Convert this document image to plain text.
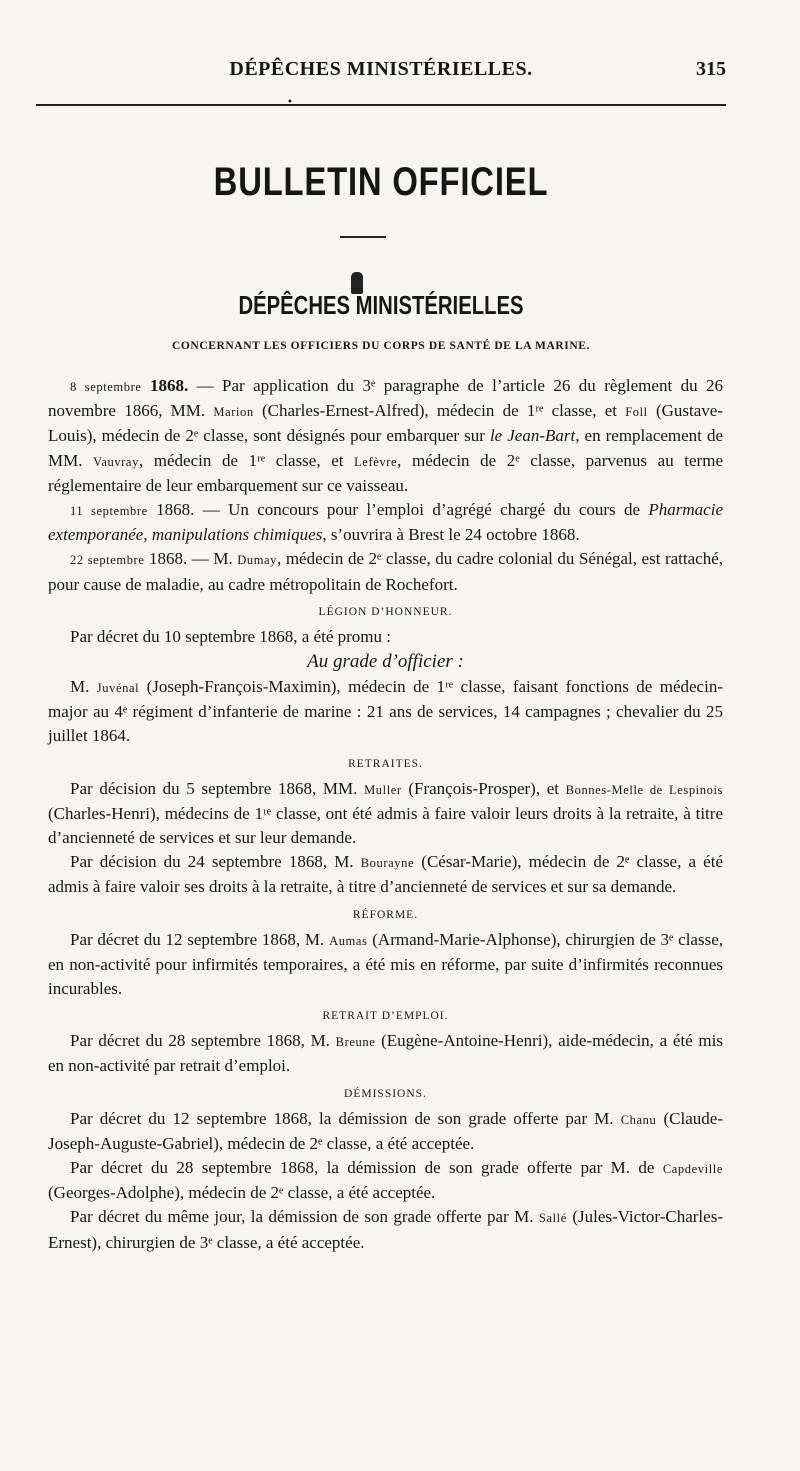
DÉPÊCHES MINISTÉRIELLES.	315
•
BULLETIN OFFICIEL
DÉPÊCHES MINISTÉRIELLES
CONCERNANT LES OFFICIERS DU CORPS DE SANTÉ DE LA MARINE.

8 septembre 1868. — Par application du 3ᵉ paragraphe de l’article 26 du règlement du 26 novembre 1866, MM. Marion (Charles-Ernest-Alfred), médecin de 1ʳᵉ classe, et Foll (Gustave-Louis), médecin de 2ᵉ classe, sont désignés pour embarquer sur le Jean-Bart, en remplacement de MM. Vauvray, médecin de 1ʳᵉ classe, et Lefèvre, médecin de 2ᵉ classe, parvenus au terme réglementaire de leur embarquement sur ce vaisseau.

11 septembre 1868. — Un concours pour l’emploi d’agrégé chargé du cours de Pharmacie extemporanée, manipulations chimiques, s’ouvrira à Brest le 24 octobre 1868.

22 septembre 1868. — M. Dumay, médecin de 2ᵉ classe, du cadre colonial du Sénégal, est rattaché, pour cause de maladie, au cadre métropolitain de Rochefort.

LÉGION D’HONNEUR.

Par décret du 10 septembre 1868, a été promu :

Au grade d’officier :

M. Juvénal (Joseph-François-Maximin), médecin de 1ʳᵉ classe, faisant fonctions de médecin-major au 4ᵉ régiment d’infanterie de marine : 21 ans de services, 14 campagnes ; chevalier du 25 juillet 1864.

RETRAITES.

Par décision du 5 septembre 1868, MM. Muller (François-Prosper), et Bonnes-Melle de Lespinois (Charles-Henri), médecins de 1ʳᵉ classe, ont été admis à faire valoir leurs droits à la retraite, à titre d’ancienneté de services et sur leur demande.

Par décision du 24 septembre 1868, M. Bourayne (César-Marie), médecin de 2ᵉ classe, a été admis à faire valoir ses droits à la retraite, à titre d’ancienneté de services et sur sa demande.

RÉFORME.

Par décret du 12 septembre 1868, M. Aumas (Armand-Marie-Alphonse), chirurgien de 3ᵉ classe, en non-activité pour infirmités temporaires, a été mis en réforme, par suite d’infirmités reconnues incurables.

RETRAIT D’EMPLOI.

Par décret du 28 septembre 1868, M. Breune (Eugène-Antoine-Henri), aide-médecin, a été mis en non-activité par retrait d’emploi.

DÉMISSIONS.

Par décret du 12 septembre 1868, la démission de son grade offerte par M. Chanu (Claude-Joseph-Auguste-Gabriel), médecin de 2ᵉ classe, a été acceptée.

Par décret du 28 septembre 1868, la démission de son grade offerte par M. de Capdeville (Georges-Adolphe), médecin de 2ᵉ classe, a été acceptée.

Par décret du même jour, la démission de son grade offerte par M. Sallé (Jules-Victor-Charles-Ernest), chirurgien de 3ᵉ classe, a été acceptée.
